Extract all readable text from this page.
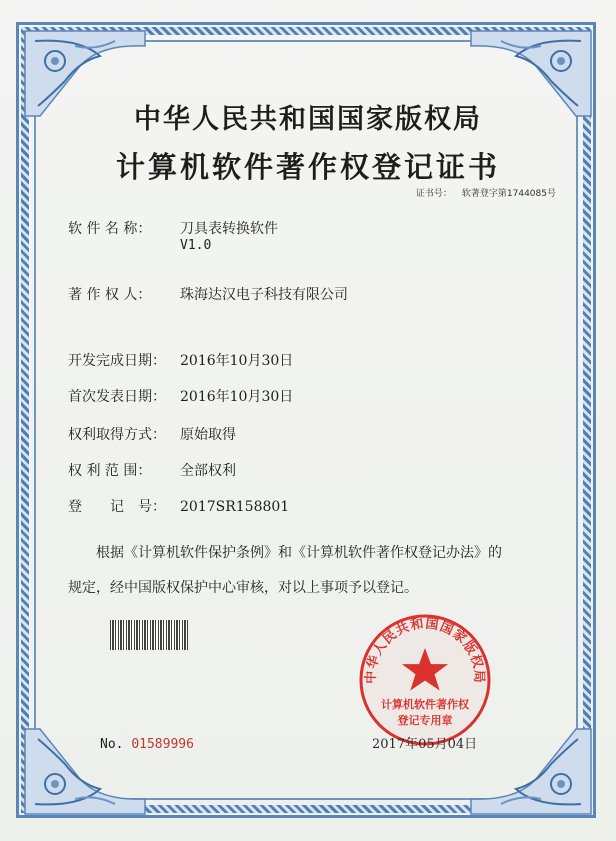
中华人民共和国国家版权局
计算机软件著作权登记证书
证书号： 软著登字第1744085号
软 件 名 称： 刀具表转换软件
V1.0
著 作 权 人： 珠海达汉电子科技有限公司
开发完成日期： 2016年10月30日
首次发表日期： 2016年10月30日
权利取得方式： 原始取得
权 利 范 围： 全部权利
登　　记　号： 2017SR158801
根据《计算机软件保护条例》和《计算机软件著作权登记办法》的
规定，经中国版权保护中心审核，对以上事项予以登记。
No. 01589996
中华人民共和国国家版权局
计算机软件著作权
登记专用章
2017年05月04日
